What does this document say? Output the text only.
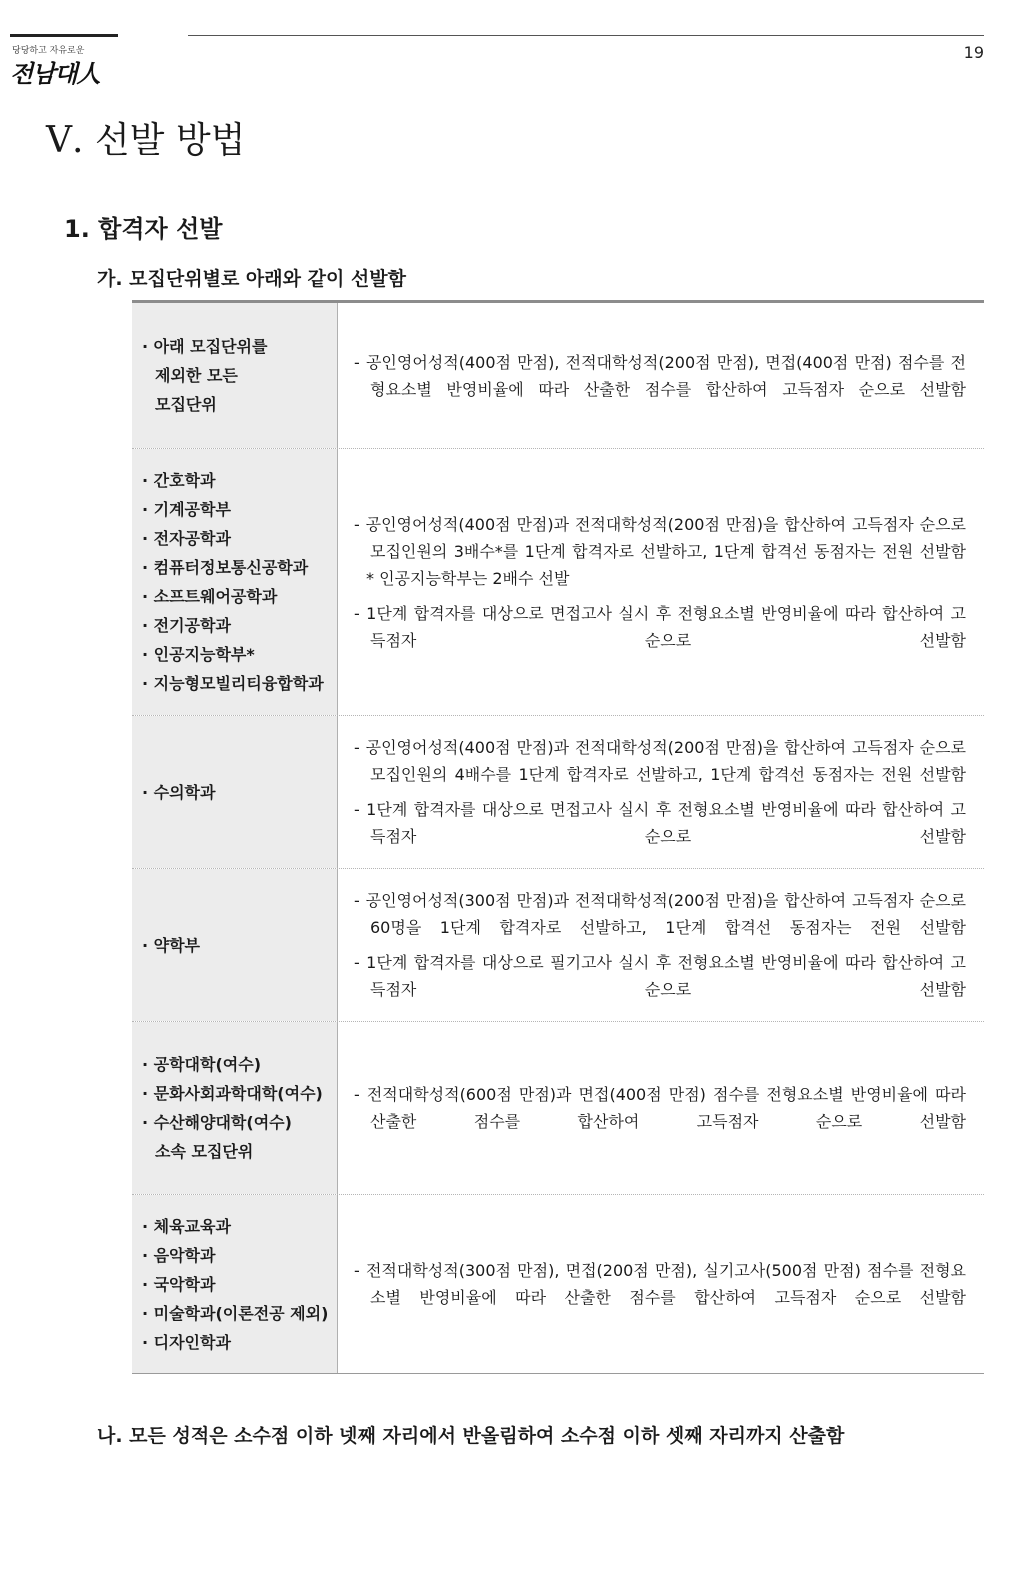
당당하고 자유로운
전남대人
19
Ⅴ. 선발 방법
1. 합격자 선발
가. 모집단위별로 아래와 같이 선발함
· 아래 모집단위를
제외한 모든
모집단위
- 공인영어성적(400점 만점), 전적대학성적(200점 만점), 면접(400점 만점) 점수를 전형요소별 반영비율에 따라 산출한 점수를 합산하여 고득점자 순으로 선발함
· 간호학과
· 기계공학부
· 전자공학과
· 컴퓨터정보통신공학과
· 소프트웨어공학과
· 전기공학과
· 인공지능학부*
· 지능형모빌리티융합학과
- 공인영어성적(400점 만점)과 전적대학성적(200점 만점)을 합산하여 고득점자 순으로 모집인원의 3배수*를 1단계 합격자로 선발하고, 1단계 합격선 동점자는 전원 선발함
* 인공지능학부는 2배수 선발
- 1단계 합격자를 대상으로 면접고사 실시 후 전형요소별 반영비율에 따라 합산하여 고득점자 순으로 선발함
· 수의학과
- 공인영어성적(400점 만점)과 전적대학성적(200점 만점)을 합산하여 고득점자 순으로 모집인원의 4배수를 1단계 합격자로 선발하고, 1단계 합격선 동점자는 전원 선발함
- 1단계 합격자를 대상으로 면접고사 실시 후 전형요소별 반영비율에 따라 합산하여 고득점자 순으로 선발함
· 약학부
- 공인영어성적(300점 만점)과 전적대학성적(200점 만점)을 합산하여 고득점자 순으로 60명을 1단계 합격자로 선발하고, 1단계 합격선 동점자는 전원 선발함
- 1단계 합격자를 대상으로 필기고사 실시 후 전형요소별 반영비율에 따라 합산하여 고득점자 순으로 선발함
· 공학대학(여수)
· 문화사회과학대학(여수)
· 수산해양대학(여수)
소속 모집단위
- 전적대학성적(600점 만점)과 면접(400점 만점) 점수를 전형요소별 반영비율에 따라 산출한 점수를 합산하여 고득점자 순으로 선발함
· 체육교육과
· 음악학과
· 국악학과
· 미술학과(이론전공 제외)
· 디자인학과
- 전적대학성적(300점 만점), 면접(200점 만점), 실기고사(500점 만점) 점수를 전형요소별 반영비율에 따라 산출한 점수를 합산하여 고득점자 순으로 선발함
나. 모든 성적은 소수점 이하 넷째 자리에서 반올림하여 소수점 이하 셋째 자리까지 산출함
